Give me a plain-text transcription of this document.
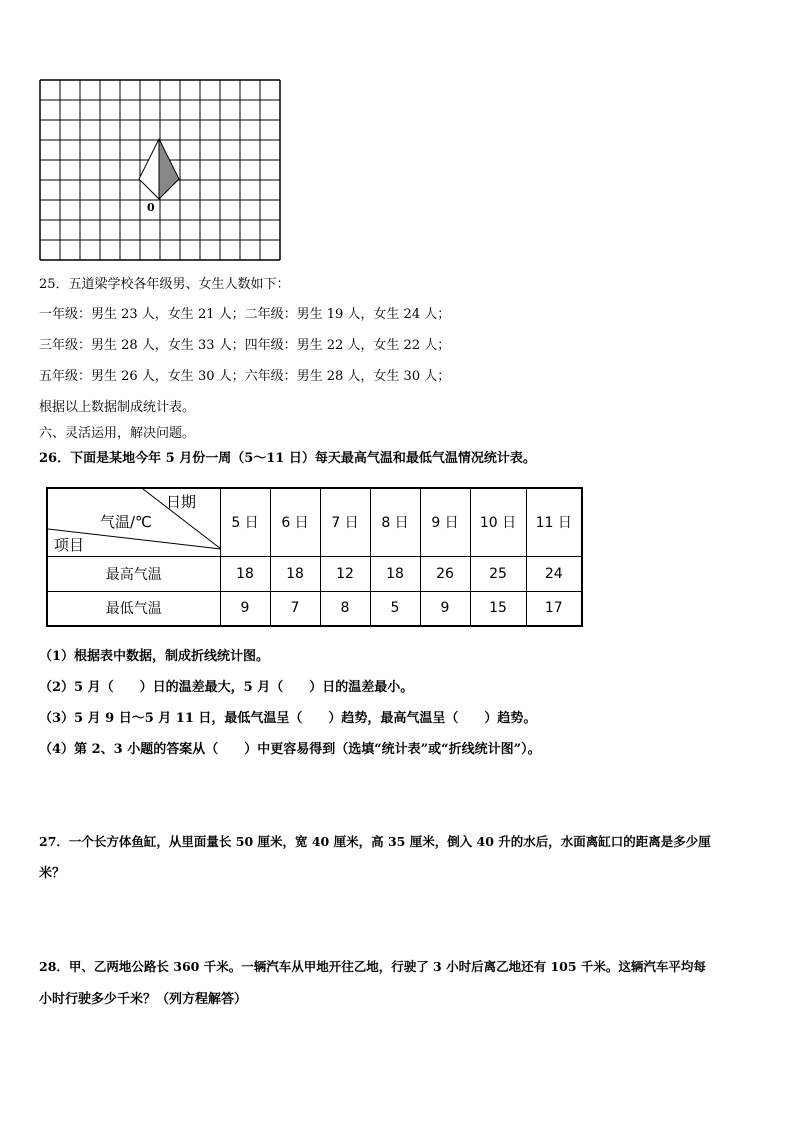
0
25．五道梁学校各年级男、女生人数如下：
一年级：男生 23 人，女生 21 人；二年级：男生 19 人，女生 24 人；
三年级：男生 28 人，女生 33 人；四年级：男生 22 人，女生 22 人；
五年级：男生 26 人，女生 30 人；六年级：男生 28 人，女生 30 人；
根据以上数据制成统计表。
六、灵活运用，解决问题。
26．下面是某地今年 5 月份一周（5～11 日）每天最高气温和最低气温情况统计表。
日期
气温/℃
项目	5 日	6 日	7 日	8 日	9 日	10 日	11 日
最高气温	18	18	12	18	26	25	24
最低气温	9	7	8	5	9	15	17
（1）根据表中数据，制成折线统计图。
（2）5 月（　　）日的温差最大，5 月（　　）日的温差最小。
（3）5 月 9 日～5 月 11 日，最低气温呈（　　）趋势，最高气温呈（　　）趋势。
（4）第 2、3 小题的答案从（　　）中更容易得到（选填“统计表”或“折线统计图”）。
27．一个长方体鱼缸，从里面量长 50 厘米，宽 40 厘米，高 35 厘米，倒入 40 升的水后，水面离缸口的距离是多少厘
米？
28．甲、乙两地公路长 360 千米。一辆汽车从甲地开往乙地，行驶了 3 小时后离乙地还有 105 千米。这辆汽车平均每
小时行驶多少千米？（列方程解答）
